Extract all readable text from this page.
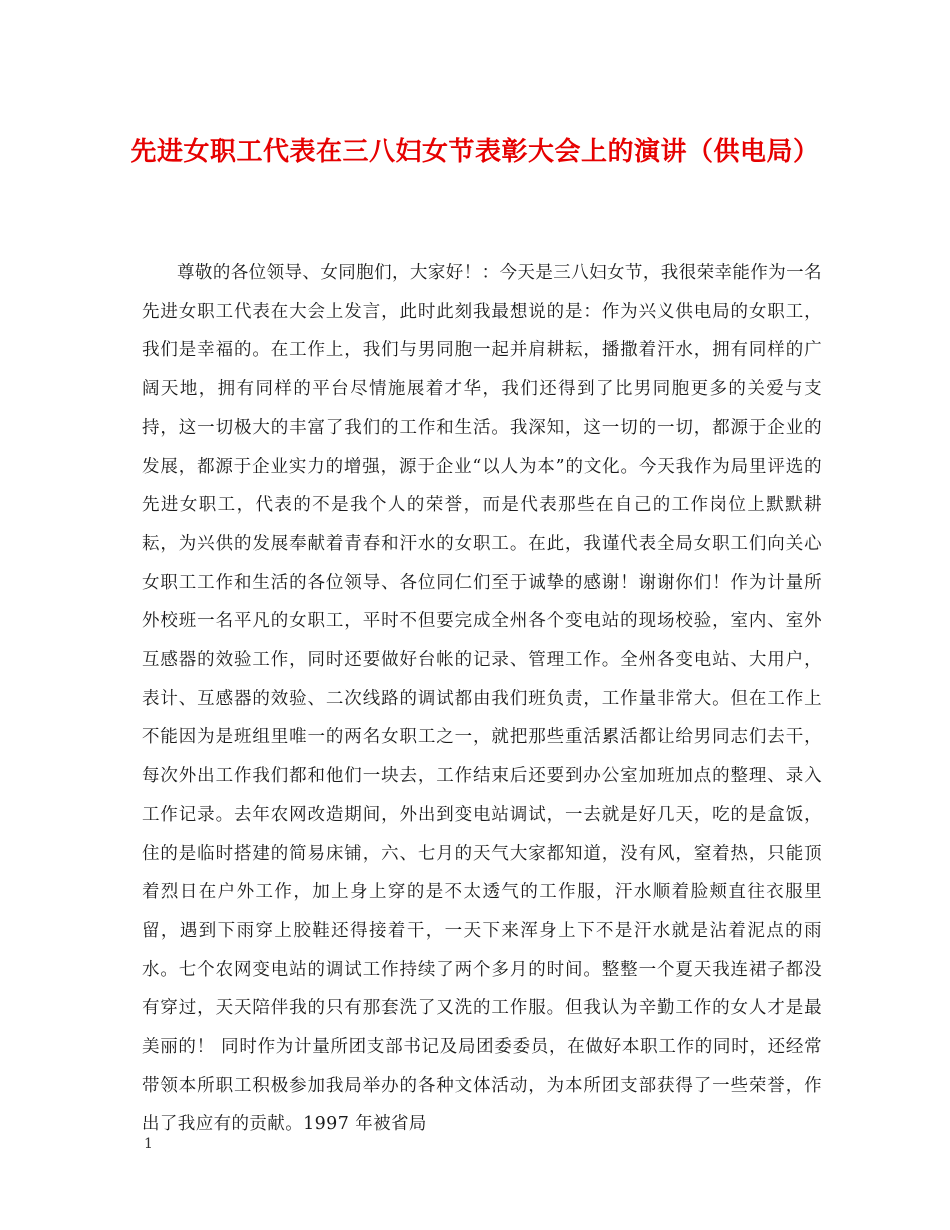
先进女职工代表在三八妇女节表彰大会上的演讲（供电局）

尊敬的各位领导、女同胞们，大家好！：今天是三八妇女节，我很荣幸能作为一名先进女职工代表在大会上发言，此时此刻我最想说的是：作为兴义供电局的女职工，我们是幸福的。在工作上，我们与男同胞一起并肩耕耘，播撒着汗水，拥有同样的广阔天地，拥有同样的平台尽情施展着才华，我们还得到了比男同胞更多的关爱与支持，这一切极大的丰富了我们的工作和生活。我深知，这一切的一切，都源于企业的发展，都源于企业实力的增强，源于企业“以人为本”的文化。今天我作为局里评选的先进女职工，代表的不是我个人的荣誉，而是代表那些在自己的工作岗位上默默耕耘，为兴供的发展奉献着青春和汗水的女职工。在此，我谨代表全局女职工们向关心女职工工作和生活的各位领导、各位同仁们至于诚挚的感谢！谢谢你们！作为计量所外校班一名平凡的女职工，平时不但要完成全州各个变电站的现场校验，室内、室外互感器的效验工作，同时还要做好台帐的记录、管理工作。全州各变电站、大用户，表计、互感器的效验、二次线路的调试都由我们班负责，工作量非常大。但在工作上不能因为是班组里唯一的两名女职工之一，就把那些重活累活都让给男同志们去干，每次外出工作我们都和他们一块去，工作结束后还要到办公室加班加点的整理、录入工作记录。去年农网改造期间，外出到变电站调试，一去就是好几天，吃的是盒饭，住的是临时搭建的简易床铺，六、七月的天气大家都知道，没有风，窒着热，只能顶着烈日在户外工作，加上身上穿的是不太透气的工作服，汗水顺着脸颊直往衣服里留，遇到下雨穿上胶鞋还得接着干，一天下来浑身上下不是汗水就是沾着泥点的雨水。七个农网变电站的调试工作持续了两个多月的时间。整整一个夏天我连裙子都没有穿过，天天陪伴我的只有那套洗了又洗的工作服。但我认为辛勤工作的女人才是最美丽的！ 同时作为计量所团支部书记及局团委委员，在做好本职工作的同时，还经常带领本所职工积极参加我局举办的各种文体活动，为本所团支部获得了一些荣誉，作出了我应有的贡献。1997 年被省局

1
